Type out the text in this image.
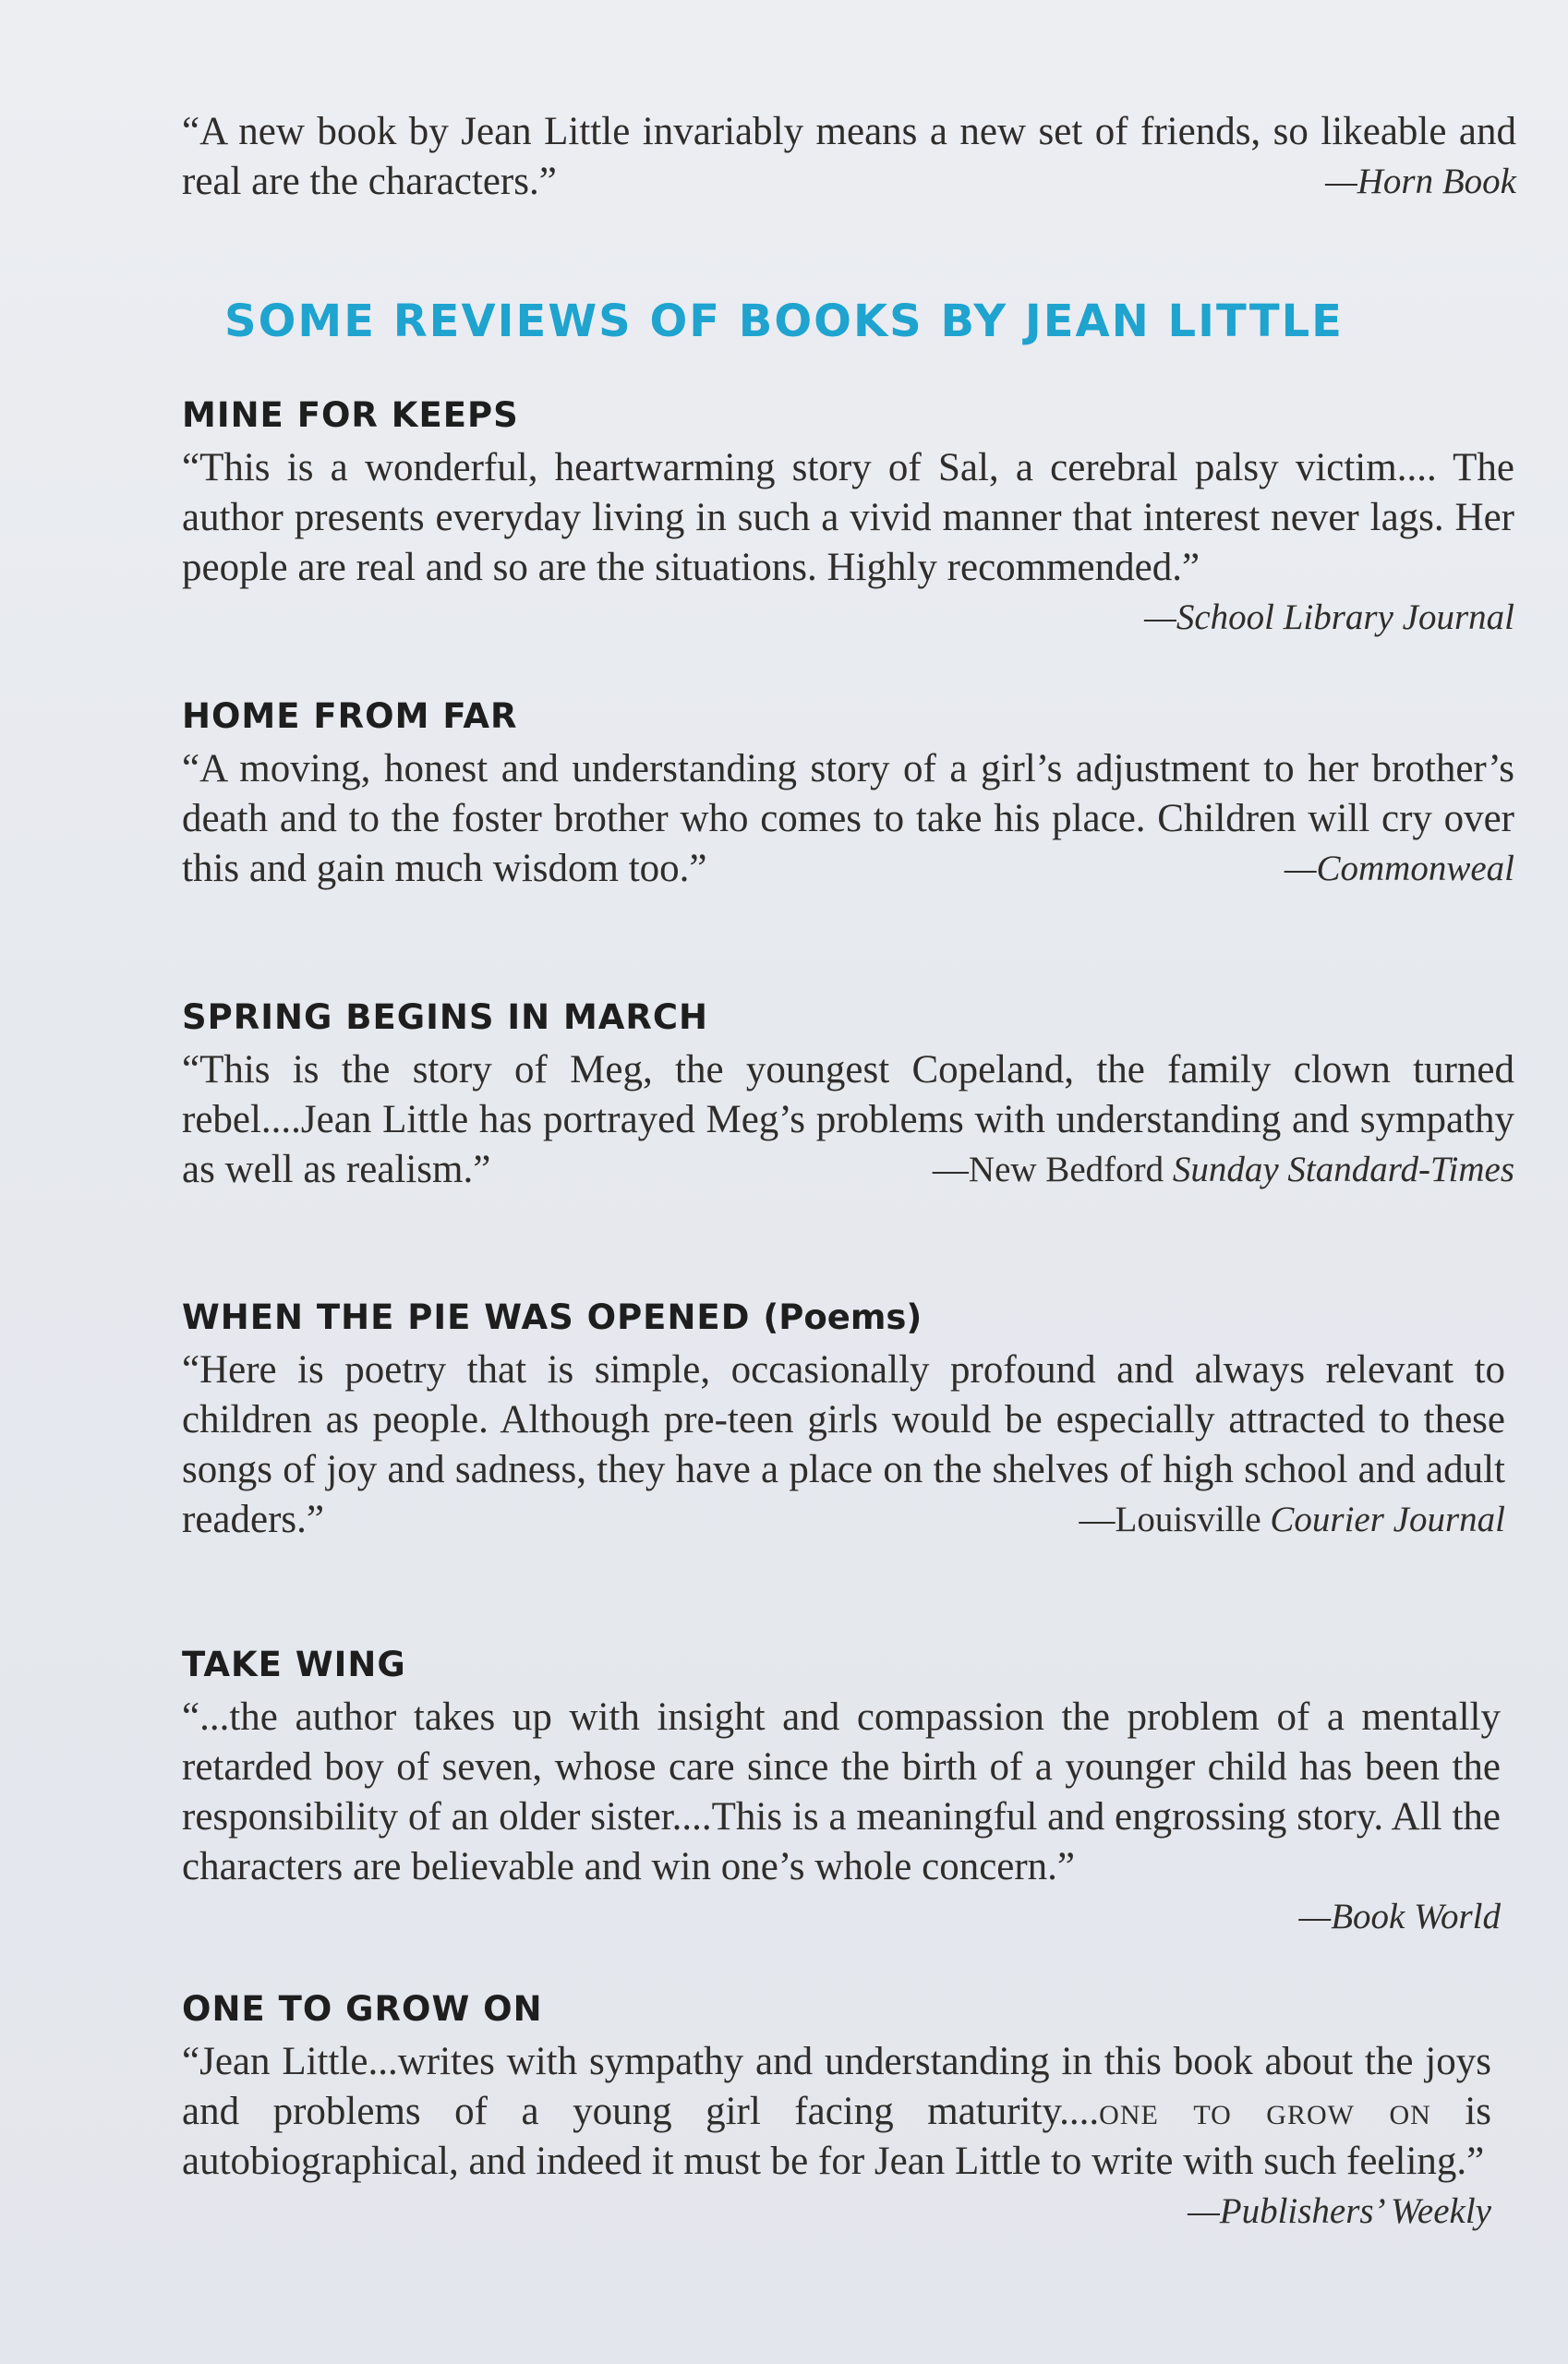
“A new book by Jean Little invariably means a new set of friends, so likeable and real are the characters.”	—Horn Book
SOME REVIEWS OF BOOKS BY JEAN LITTLE
MINE FOR KEEPS
“This is a wonderful, heartwarming story of Sal, a cerebral palsy victim.... The author presents everyday living in such a vivid manner that interest never lags. Her people are real and so are the situations. Highly recommended.”
—School Library Journal
HOME FROM FAR
“A moving, honest and understanding story of a girl’s adjustment to her brother’s death and to the foster brother who comes to take his place. Children will cry over this and gain much wisdom too.”	—Commonweal
SPRING BEGINS IN MARCH
“This is the story of Meg, the youngest Copeland, the family clown turned rebel....Jean Little has portrayed Meg’s problems with understanding and sympathy as well as realism.”	—New Bedford Sunday Standard-Times
WHEN THE PIE WAS OPENED (Poems)
“Here is poetry that is simple, occasionally profound and always relevant to children as people. Although pre-teen girls would be especially attracted to these songs of joy and sadness, they have a place on the shelves of high school and adult readers.”	—Louisville Courier Journal
TAKE WING
“...the author takes up with insight and compassion the problem of a mentally retarded boy of seven, whose care since the birth of a younger child has been the responsibility of an older sister....This is a meaningful and engrossing story. All the characters are believable and win one’s whole concern.”
—Book World
ONE TO GROW ON
“Jean Little...writes with sympathy and understanding in this book about the joys and problems of a young girl facing maturity....one to grow on is autobiographical, and indeed it must be for Jean Little to write with such feeling.”
—Publishers’ Weekly
